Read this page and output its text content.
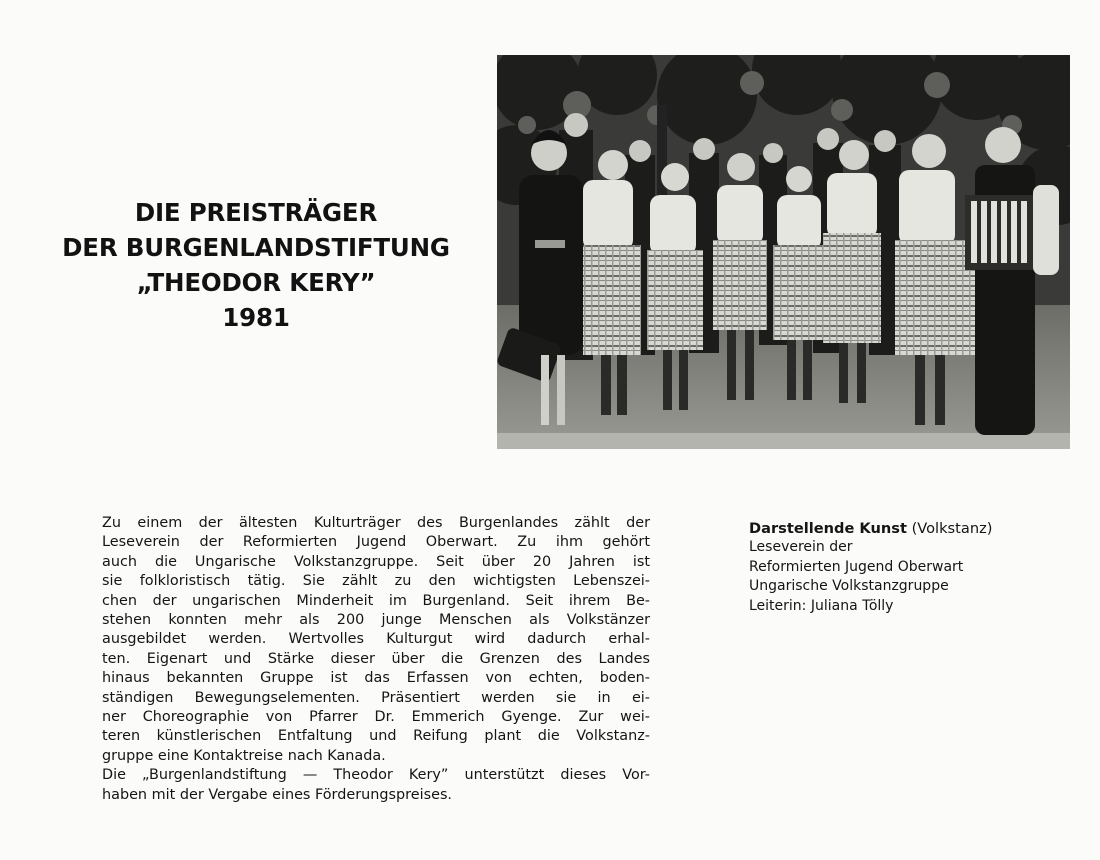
DIE PREISTRÄGER
DER BURGENLANDSTIFTUNG
„THEODOR KERY”
1981
Zu einem der ältesten Kulturträger des Burgenlandes zählt der
Leseverein der Reformierten Jugend Oberwart. Zu ihm gehört
auch die Ungarische Volkstanzgruppe. Seit über 20 Jahren ist
sie folkloristisch tätig. Sie zählt zu den wichtigsten Lebenszei-
chen der ungarischen Minderheit im Burgenland. Seit ihrem Be-
stehen konnten mehr als 200 junge Menschen als Volkstänzer
ausgebildet werden. Wertvolles Kulturgut wird dadurch erhal-
ten. Eigenart und Stärke dieser über die Grenzen des Landes
hinaus bekannten Gruppe ist das Erfassen von echten, boden-
ständigen Bewegungselementen. Präsentiert werden sie in ei-
ner Choreographie von Pfarrer Dr. Emmerich Gyenge. Zur wei-
teren künstlerischen Entfaltung und Reifung plant die Volkstanz-
gruppe eine Kontaktreise nach Kanada.
Die „Burgenlandstiftung — Theodor Kery” unterstützt dieses Vor-
haben mit der Vergabe eines Förderungspreises.
Darstellende Kunst (Volkstanz)
Leseverein der
Reformierten Jugend Oberwart
Ungarische Volkstanzgruppe
Leiterin: Juliana Tölly
